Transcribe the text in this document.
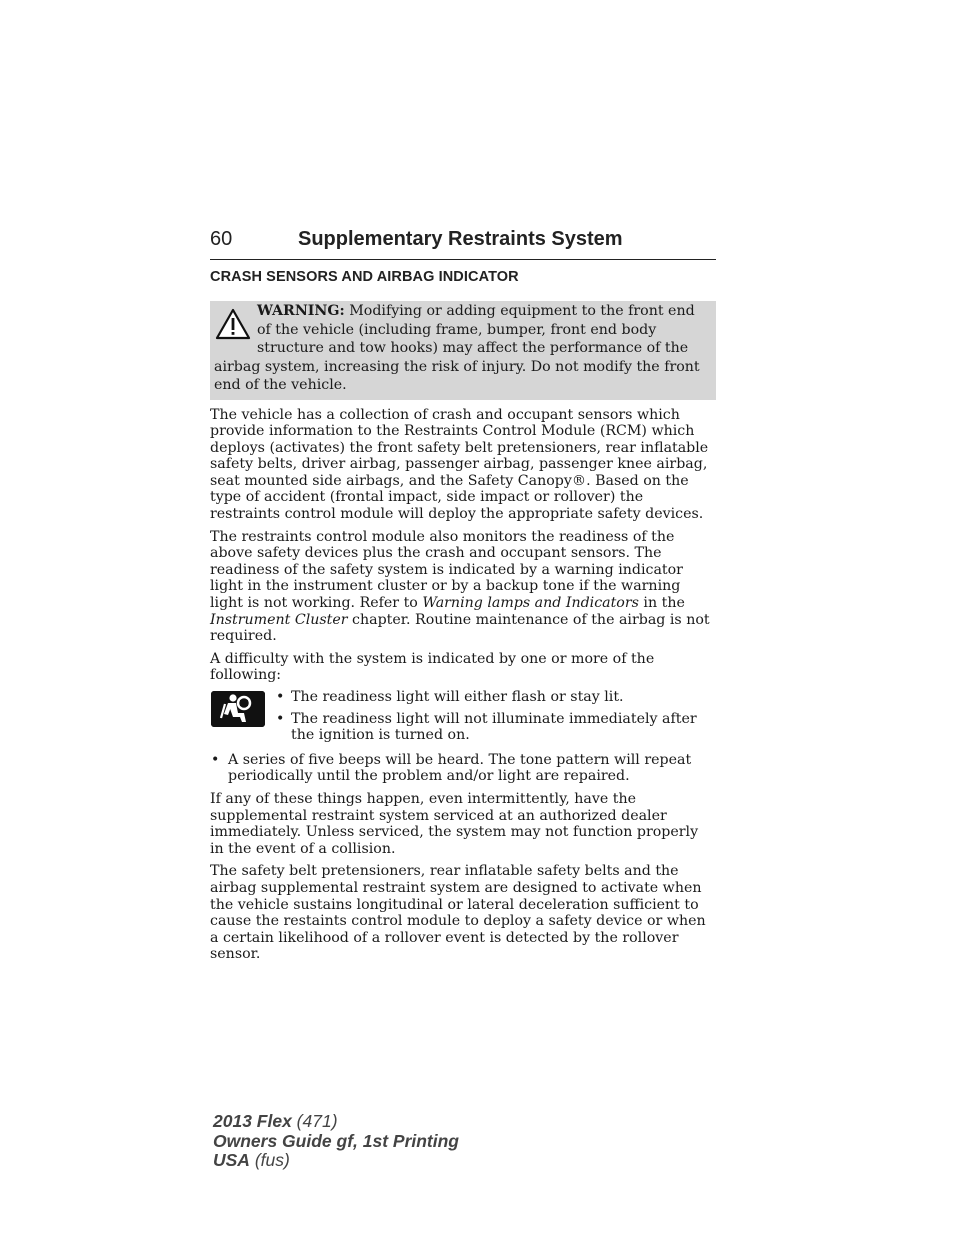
60	Supplementary Restraints System
CRASH SENSORS AND AIRBAG INDICATOR
WARNING: Modifying or adding equipment to the front end of the vehicle (including frame, bumper, front end body structure and tow hooks) may affect the performance of the airbag system, increasing the risk of injury. Do not modify the front end of the vehicle.

The vehicle has a collection of crash and occupant sensors which provide information to the Restraints Control Module (RCM) which deploys (activates) the front safety belt pretensioners, rear inflatable safety belts, driver airbag, passenger airbag, passenger knee airbag, seat mounted side airbags, and the Safety Canopy®. Based on the type of accident (frontal impact, side impact or rollover) the restraints control module will deploy the appropriate safety devices.

The restraints control module also monitors the readiness of the above safety devices plus the crash and occupant sensors. The readiness of the safety system is indicated by a warning indicator light in the instrument cluster or by a backup tone if the warning light is not working. Refer to Warning lamps and Indicators in the Instrument Cluster chapter. Routine maintenance of the airbag is not required.

A difficulty with the system is indicated by one or more of the following:

• The readiness light will either flash or stay lit.
• The readiness light will not illuminate immediately after the ignition is turned on.
• A series of five beeps will be heard. The tone pattern will repeat periodically until the problem and/or light are repaired.

If any of these things happen, even intermittently, have the supplemental restraint system serviced at an authorized dealer immediately. Unless serviced, the system may not function properly in the event of a collision.

The safety belt pretensioners, rear inflatable safety belts and the airbag supplemental restraint system are designed to activate when the vehicle sustains longitudinal or lateral deceleration sufficient to cause the restaints control module to deploy a safety device or when a certain likelihood of a rollover event is detected by the rollover sensor.

2013 Flex (471)
Owners Guide gf, 1st Printing
USA (fus)
